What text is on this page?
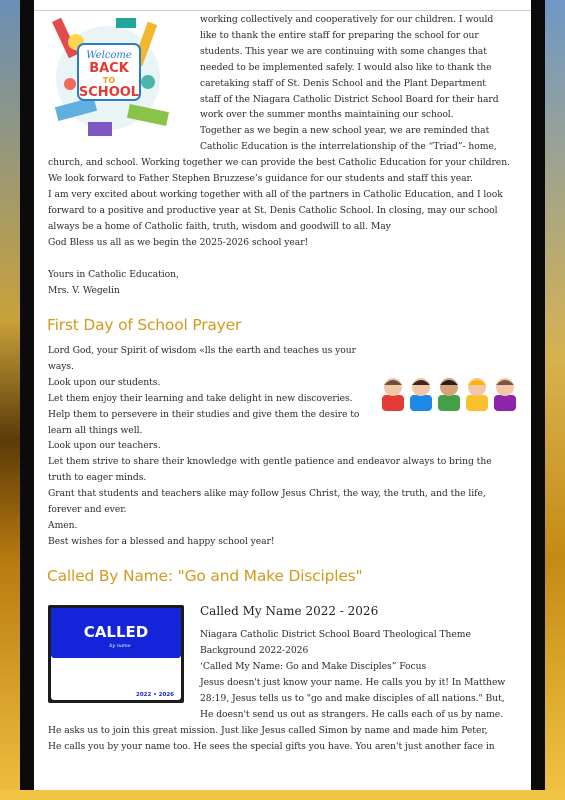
Welcome
BACK
TO
SCHOOL
working collectively and cooperatively for our children. I would
like to thank the entire staff for preparing the school for our
students. This year we are continuing with some changes that
needed to be implemented safely. I would also like to thank the
caretaking staff of St. Denis School and the Plant Department
staff of the Niagara Catholic District School Board for their hard
work over the summer months maintaining our school.
Together as we begin a new school year, we are reminded that
Catholic Education is the interrelationship of the “Triad”- home,
church, and school. Working together we can provide the best Catholic Education for your children.
We look forward to Father Stephen Bruzzese’s guidance for our students and staff this year.
I am very excited about working together with all of the partners in Catholic Education, and I look
forward to a positive and productive year at St. Denis Catholic School. In closing, may our school
always be a home of Catholic faith, truth, wisdom and goodwill to all. May
God Bless us all as we begin the 2025-2026 school year!
Yours in Catholic Education,
Mrs. V. Wegelin
First Day of School Prayer
Lord God, your Spirit of wisdom «lls the earth and teaches us your
ways.
Look upon our students.
Let them enjoy their learning and take delight in new discoveries.
Help them to persevere in their studies and give them the desire to
learn all things well.
Look upon our teachers.
Let them strive to share their knowledge with gentle patience and endeavor always to bring the
truth to eager minds.
Grant that students and teachers alike may follow Jesus Christ, the way, the truth, and the life,
forever and ever.
Amen.
Best wishes for a blessed and happy school year!
Called By Name: "Go and Make Disciples"
CALLED
by name
2022 • 2026
Called My Name 2022 - 2026
Niagara Catholic District School Board Theological Theme
Background 2022-2026
‘Called My Name: Go and Make Disciples” Focus
Jesus doesn't just know your name. He calls you by it! In Matthew
28:19, Jesus tells us to "go and make disciples of all nations." But,
He doesn't send us out as strangers. He calls each of us by name.
He asks us to join this great mission. Just like Jesus called Simon by name and made him Peter,
He calls you by your name too. He sees the special gifts you have. You aren't just another face in
